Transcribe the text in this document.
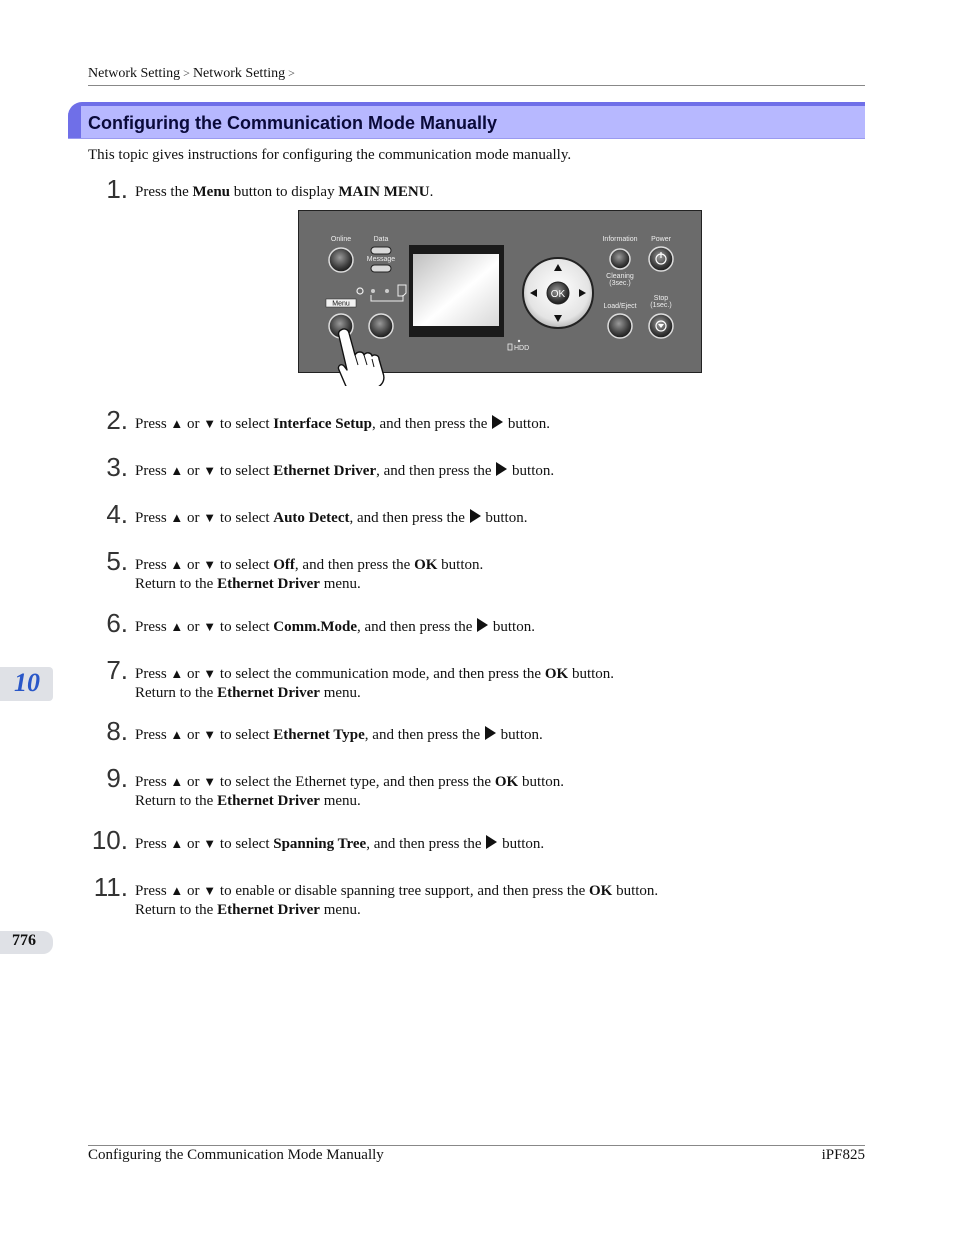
Network Setting > Network Setting >
Configuring the Communication Mode Manually
This topic gives instructions for configuring the communication mode manually.
1. Press the Menu button to display MAIN MENU.
Online	Data
Message
Menu
OK
Information Power
Cleaning
(3sec.)
Load/Eject
Stop
(1sec.)
HDD
2. Press ▲ or ▼ to select Interface Setup, and then press the button.
3. Press ▲ or ▼ to select Ethernet Driver, and then press the button.
4. Press ▲ or ▼ to select Auto Detect, and then press the button.
5. Press ▲ or ▼ to select Off, and then press the OK button.
Return to the Ethernet Driver menu.
6. Press ▲ or ▼ to select Comm.Mode, and then press the button.
7. Press ▲ or ▼ to select the communication mode, and then press the OK button.
Return to the Ethernet Driver menu.
8. Press ▲ or ▼ to select Ethernet Type, and then press the button.
9. Press ▲ or ▼ to select the Ethernet type, and then press the OK button.
Return to the Ethernet Driver menu.
10. Press ▲ or ▼ to select Spanning Tree, and then press the button.
11. Press ▲ or ▼ to enable or disable spanning tree support, and then press the OK button.
Return to the Ethernet Driver menu.
10
776
Configuring the Communication Mode Manually	iPF825
